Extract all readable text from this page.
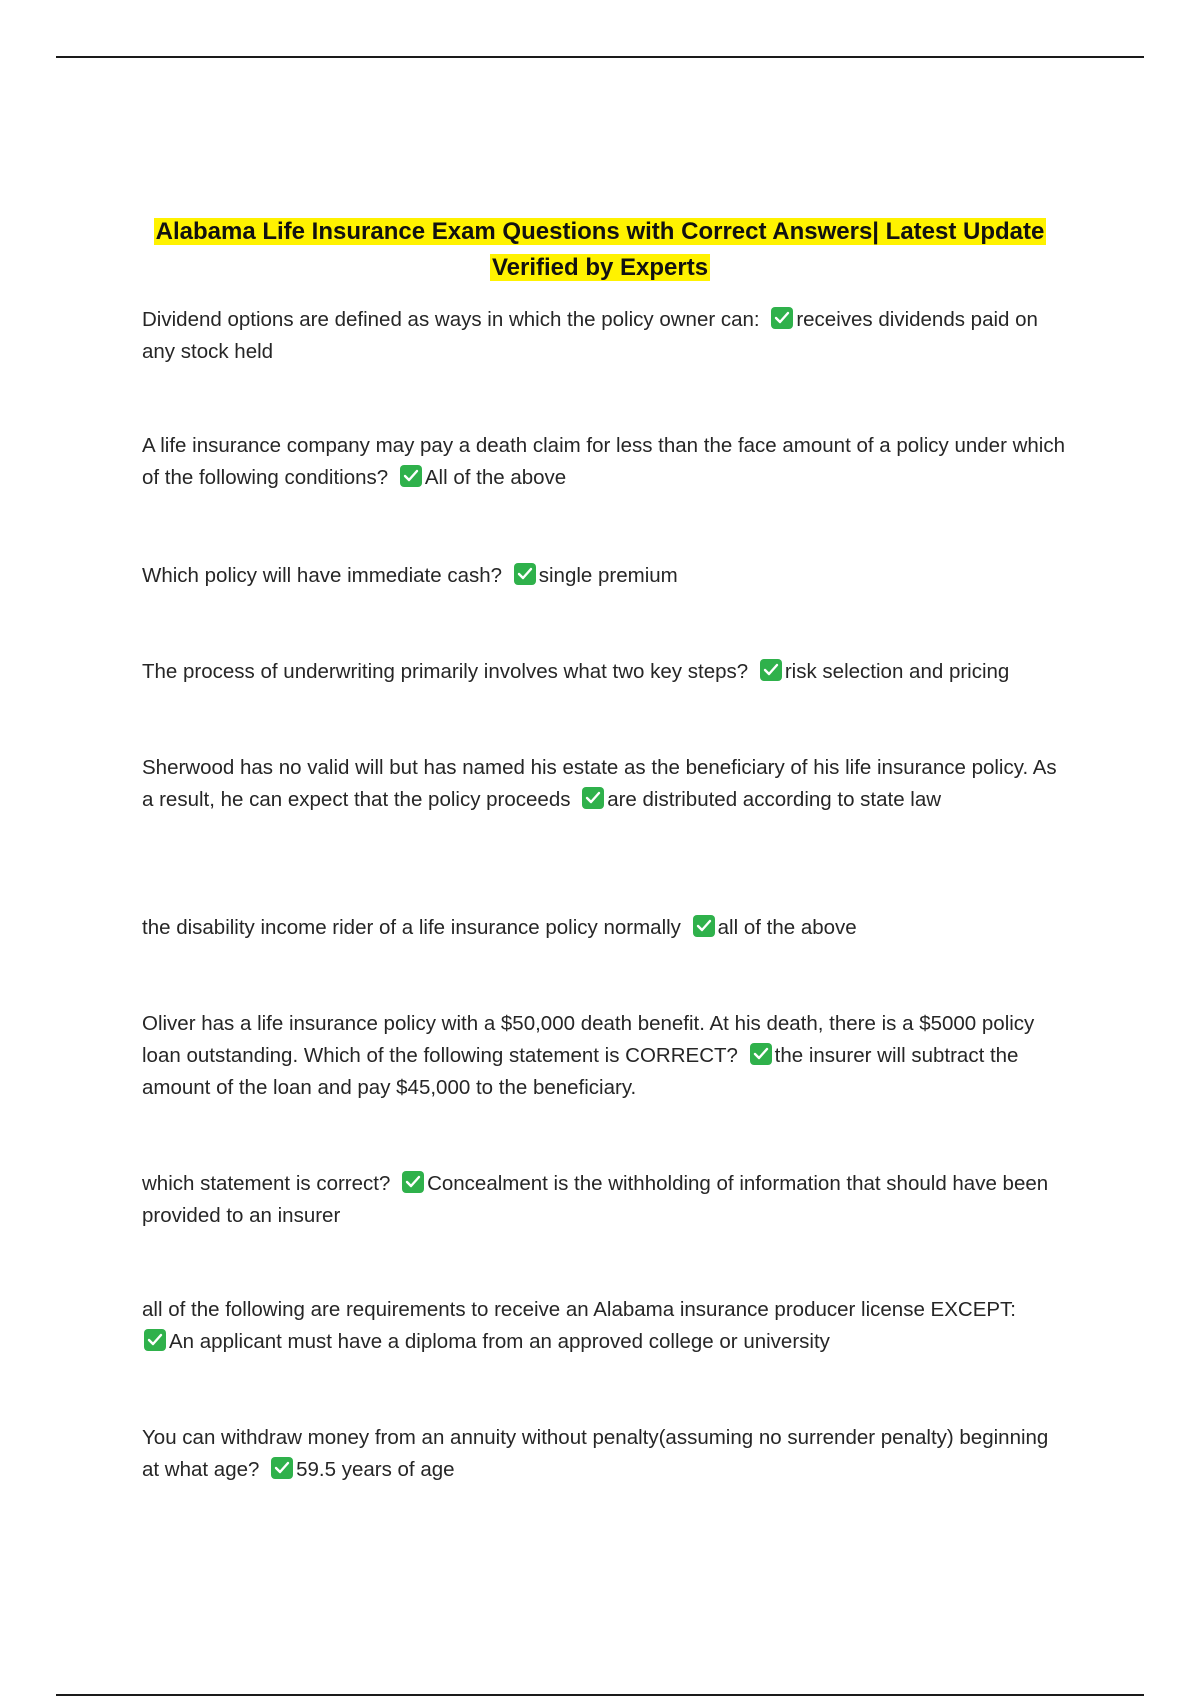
Alabama Life Insurance Exam Questions with Correct Answers| Latest Update
Verified by Experts
Dividend options are defined as ways in which the policy owner can: receives dividends paid on any stock held
A life insurance company may pay a death claim for less than the face amount of a policy under which of the following conditions? All of the above
Which policy will have immediate cash? single premium
The process of underwriting primarily involves what two key steps? risk selection and pricing
Sherwood has no valid will but has named his estate as the beneficiary of his life insurance policy. As a result, he can expect that the policy proceeds are distributed according to state law
the disability income rider of a life insurance policy normally all of the above
Oliver has a life insurance policy with a $50,000 death benefit. At his death, there is a $5000 policy loan outstanding. Which of the following statement is CORRECT? the insurer will subtract the amount of the loan and pay $45,000 to the beneficiary.
which statement is correct? Concealment is the withholding of information that should have been provided to an insurer
all of the following are requirements to receive an Alabama insurance producer license EXCEPT:

An applicant must have a diploma from an approved college or university
You can withdraw money from an annuity without penalty(assuming no surrender penalty) beginning at what age? 59.5 years of age
